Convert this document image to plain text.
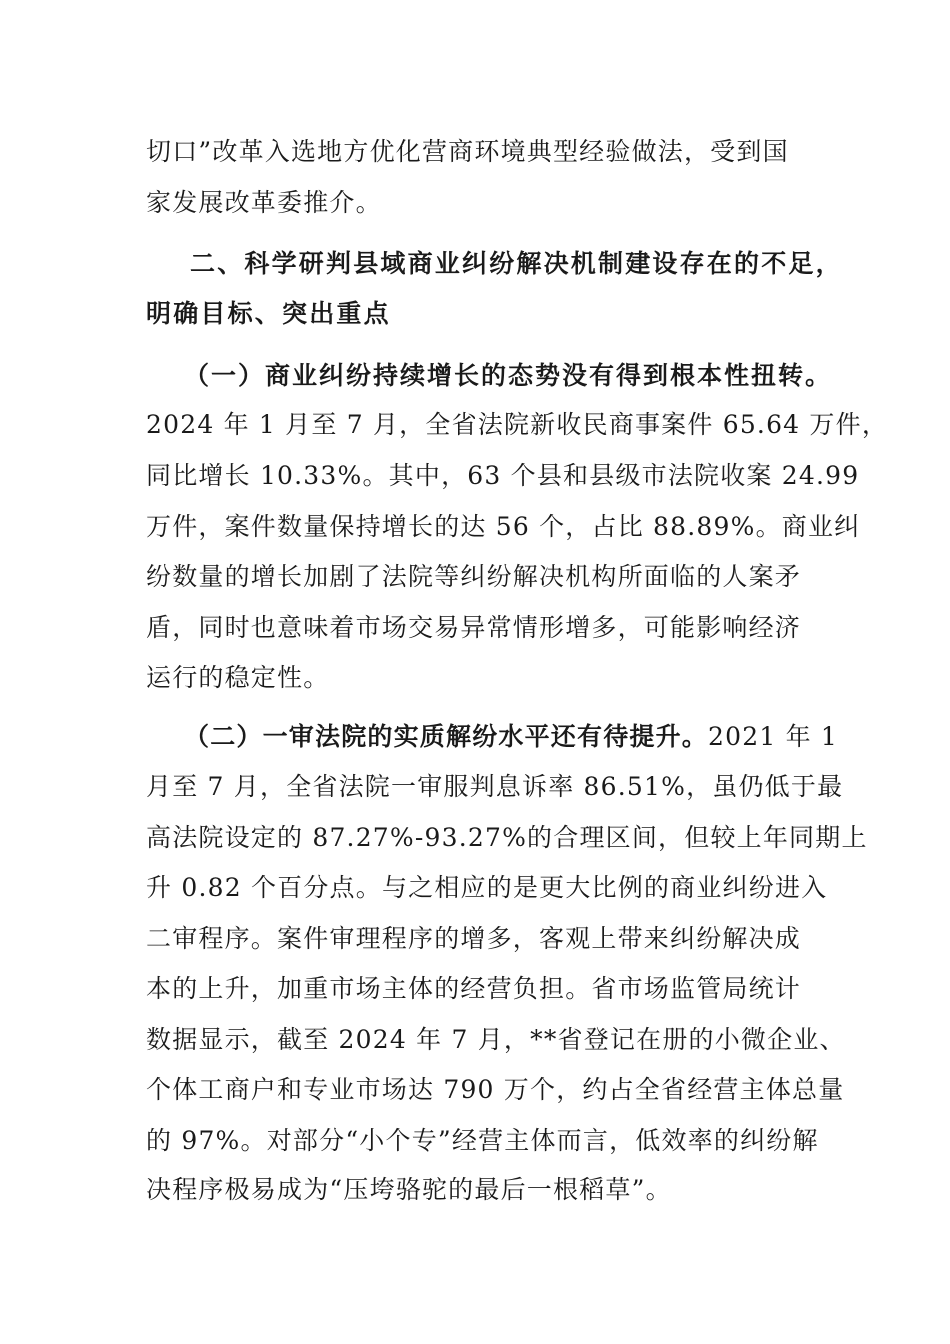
切口”改革入选地方优化营商环境典型经验做法，受到国
家发展改革委推介。
二、科学研判县域商业纠纷解决机制建设存在的不足，
明确目标、突出重点
（一）商业纠纷持续增长的态势没有得到根本性扭转。
2024 年 1 月至 7 月，全省法院新收民商事案件 65.64 万件，
同比增长 10.33%。其中，63 个县和县级市法院收案 24.99
万件，案件数量保持增长的达 56 个，占比 88.89%。商业纠
纷数量的增长加剧了法院等纠纷解决机构所面临的人案矛
盾，同时也意味着市场交易异常情形增多，可能影响经济
运行的稳定性。
（二）一审法院的实质解纷水平还有待提升。2021 年 1
月至 7 月，全省法院一审服判息诉率 86.51%，虽仍低于最
高法院设定的 87.27%-93.27%的合理区间，但较上年同期上
升 0.82 个百分点。与之相应的是更大比例的商业纠纷进入
二审程序。案件审理程序的增多，客观上带来纠纷解决成
本的上升，加重市场主体的经营负担。省市场监管局统计
数据显示，截至 2024 年 7 月，**省登记在册的小微企业、
个体工商户和专业市场达 790 万个，约占全省经营主体总量
的 97%。对部分“小个专”经营主体而言，低效率的纠纷解
决程序极易成为“压垮骆驼的最后一根稻草”。
